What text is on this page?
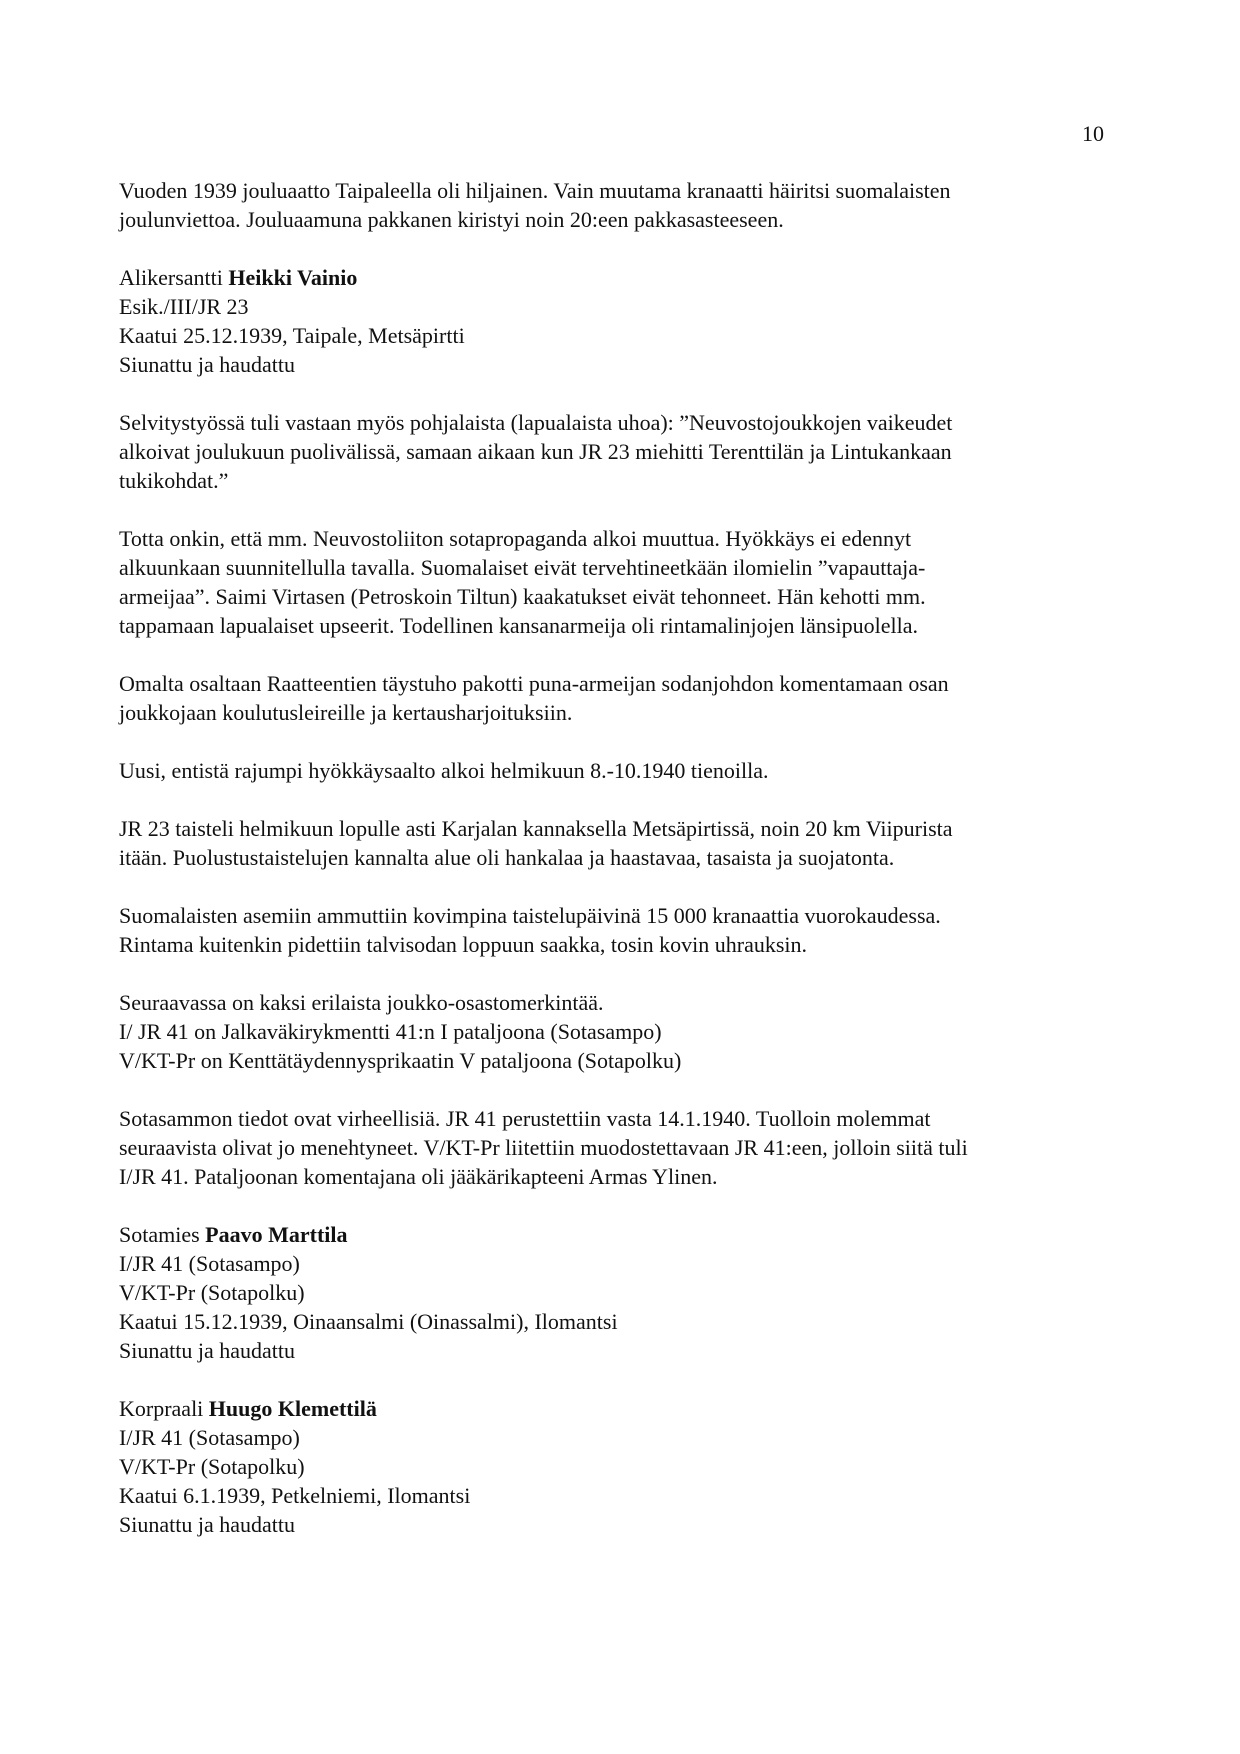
10
Vuoden 1939 jouluaatto Taipaleella oli hiljainen. Vain muutama kranaatti häiritsi suomalaisten
joulunviettoa. Jouluaamuna pakkanen kiristyi noin 20:een pakkasasteeseen.
Alikersantti Heikki Vainio
Esik./III/JR 23
Kaatui 25.12.1939, Taipale, Metsäpirtti
Siunattu ja haudattu
Selvitystyössä tuli vastaan myös pohjalaista (lapualaista uhoa): ”Neuvostojoukkojen vaikeudet
alkoivat joulukuun puolivälissä, samaan aikaan kun JR 23 miehitti Terenttilän ja Lintukankaan
tukikohdat.”
Totta onkin, että mm. Neuvostoliiton sotapropaganda alkoi muuttua. Hyökkäys ei edennyt
alkuunkaan suunnitellulla tavalla. Suomalaiset eivät tervehtineetkään ilomielin ”vapauttaja-
armeijaa”. Saimi Virtasen (Petroskoin Tiltun) kaakatukset eivät tehonneet. Hän kehotti mm.
tappamaan lapualaiset upseerit. Todellinen kansanarmeija oli rintamalinjojen länsipuolella.
Omalta osaltaan Raatteentien täystuho pakotti puna-armeijan sodanjohdon komentamaan osan
joukkojaan koulutusleireille ja kertausharjoituksiin.
Uusi, entistä rajumpi hyökkäysaalto alkoi helmikuun 8.-10.1940 tienoilla.
JR 23 taisteli helmikuun lopulle asti Karjalan kannaksella Metsäpirtissä, noin 20 km Viipurista
itään. Puolustustaistelujen kannalta alue oli hankalaa ja haastavaa, tasaista ja suojatonta.
Suomalaisten asemiin ammuttiin kovimpina taistelupäivinä 15 000 kranaattia vuorokaudessa.
Rintama kuitenkin pidettiin talvisodan loppuun saakka, tosin kovin uhrauksin.
Seuraavassa on kaksi erilaista joukko-osastomerkintää.
I/ JR 41 on Jalkaväkirykmentti 41:n I pataljoona (Sotasampo)
V/KT-Pr on Kenttätäydennysprikaatin V pataljoona (Sotapolku)
Sotasammon tiedot ovat virheellisiä. JR 41 perustettiin vasta 14.1.1940. Tuolloin molemmat
seuraavista olivat jo menehtyneet. V/KT-Pr liitettiin muodostettavaan JR 41:een, jolloin siitä tuli
I/JR 41. Pataljoonan komentajana oli jääkärikapteeni Armas Ylinen.
Sotamies Paavo Marttila
I/JR 41 (Sotasampo)
V/KT-Pr (Sotapolku)
Kaatui 15.12.1939, Oinaansalmi (Oinassalmi), Ilomantsi
Siunattu ja haudattu
Korpraali Huugo Klemettilä
I/JR 41 (Sotasampo)
V/KT-Pr (Sotapolku)
Kaatui 6.1.1939, Petkelniemi, Ilomantsi
Siunattu ja haudattu
